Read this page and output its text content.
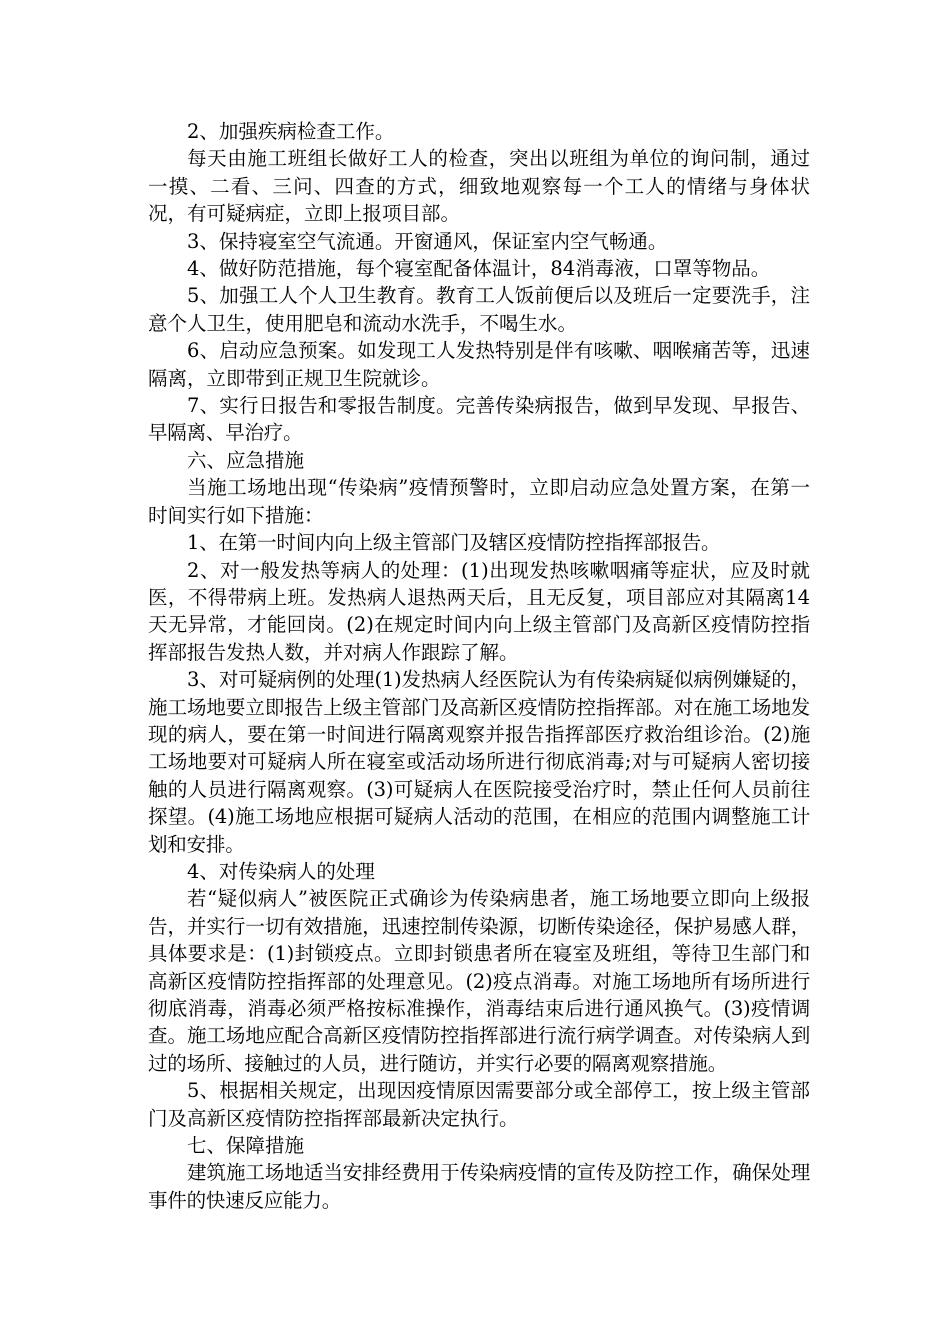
2、加强疾病检查工作。

每天由施工班组长做好工人的检查，突出以班组为单位的询问制，通过一摸、二看、三问、四查的方式，细致地观察每一个工人的情绪与身体状况，有可疑病症，立即上报项目部。

3、保持寝室空气流通。开窗通风，保证室内空气畅通。

4、做好防范措施，每个寝室配备体温计，84消毒液，口罩等物品。

5、加强工人个人卫生教育。教育工人饭前便后以及班后一定要洗手，注意个人卫生，使用肥皂和流动水洗手，不喝生水。

6、启动应急预案。如发现工人发热特别是伴有咳嗽、咽喉痛苦等，迅速隔离，立即带到正规卫生院就诊。

7、实行日报告和零报告制度。完善传染病报告，做到早发现、早报告、早隔离、早治疗。

六、应急措施

当施工场地出现“传染病”疫情预警时，立即启动应急处置方案，在第一时间实行如下措施：

1、在第一时间内向上级主管部门及辖区疫情防控指挥部报告。

2、对一般发热等病人的处理：(1)出现发热咳嗽咽痛等症状，应及时就医，不得带病上班。发热病人退热两天后，且无反复，项目部应对其隔离14天无异常，才能回岗。(2)在规定时间内向上级主管部门及高新区疫情防控指挥部报告发热人数，并对病人作跟踪了解。

3、对可疑病例的处理(1)发热病人经医院认为有传染病疑似病例嫌疑的，施工场地要立即报告上级主管部门及高新区疫情防控指挥部。对在施工场地发现的病人，要在第一时间进行隔离观察并报告指挥部医疗救治组诊治。(2)施工场地要对可疑病人所在寝室或活动场所进行彻底消毒;对与可疑病人密切接触的人员进行隔离观察。(3)可疑病人在医院接受治疗时，禁止任何人员前往探望。(4)施工场地应根据可疑病人活动的范围，在相应的范围内调整施工计划和安排。

4、对传染病人的处理

若“疑似病人”被医院正式确诊为传染病患者，施工场地要立即向上级报告，并实行一切有效措施，迅速控制传染源，切断传染途径，保护易感人群，具体要求是：(1)封锁疫点。立即封锁患者所在寝室及班组，等待卫生部门和高新区疫情防控指挥部的处理意见。(2)疫点消毒。对施工场地所有场所进行彻底消毒，消毒必须严格按标准操作，消毒结束后进行通风换气。(3)疫情调查。施工场地应配合高新区疫情防控指挥部进行流行病学调查。对传染病人到过的场所、接触过的人员，进行随访，并实行必要的隔离观察措施。

5、根据相关规定，出现因疫情原因需要部分或全部停工，按上级主管部门及高新区疫情防控指挥部最新决定执行。

七、保障措施

建筑施工场地适当安排经费用于传染病疫情的宣传及防控工作，确保处理事件的快速反应能力。
